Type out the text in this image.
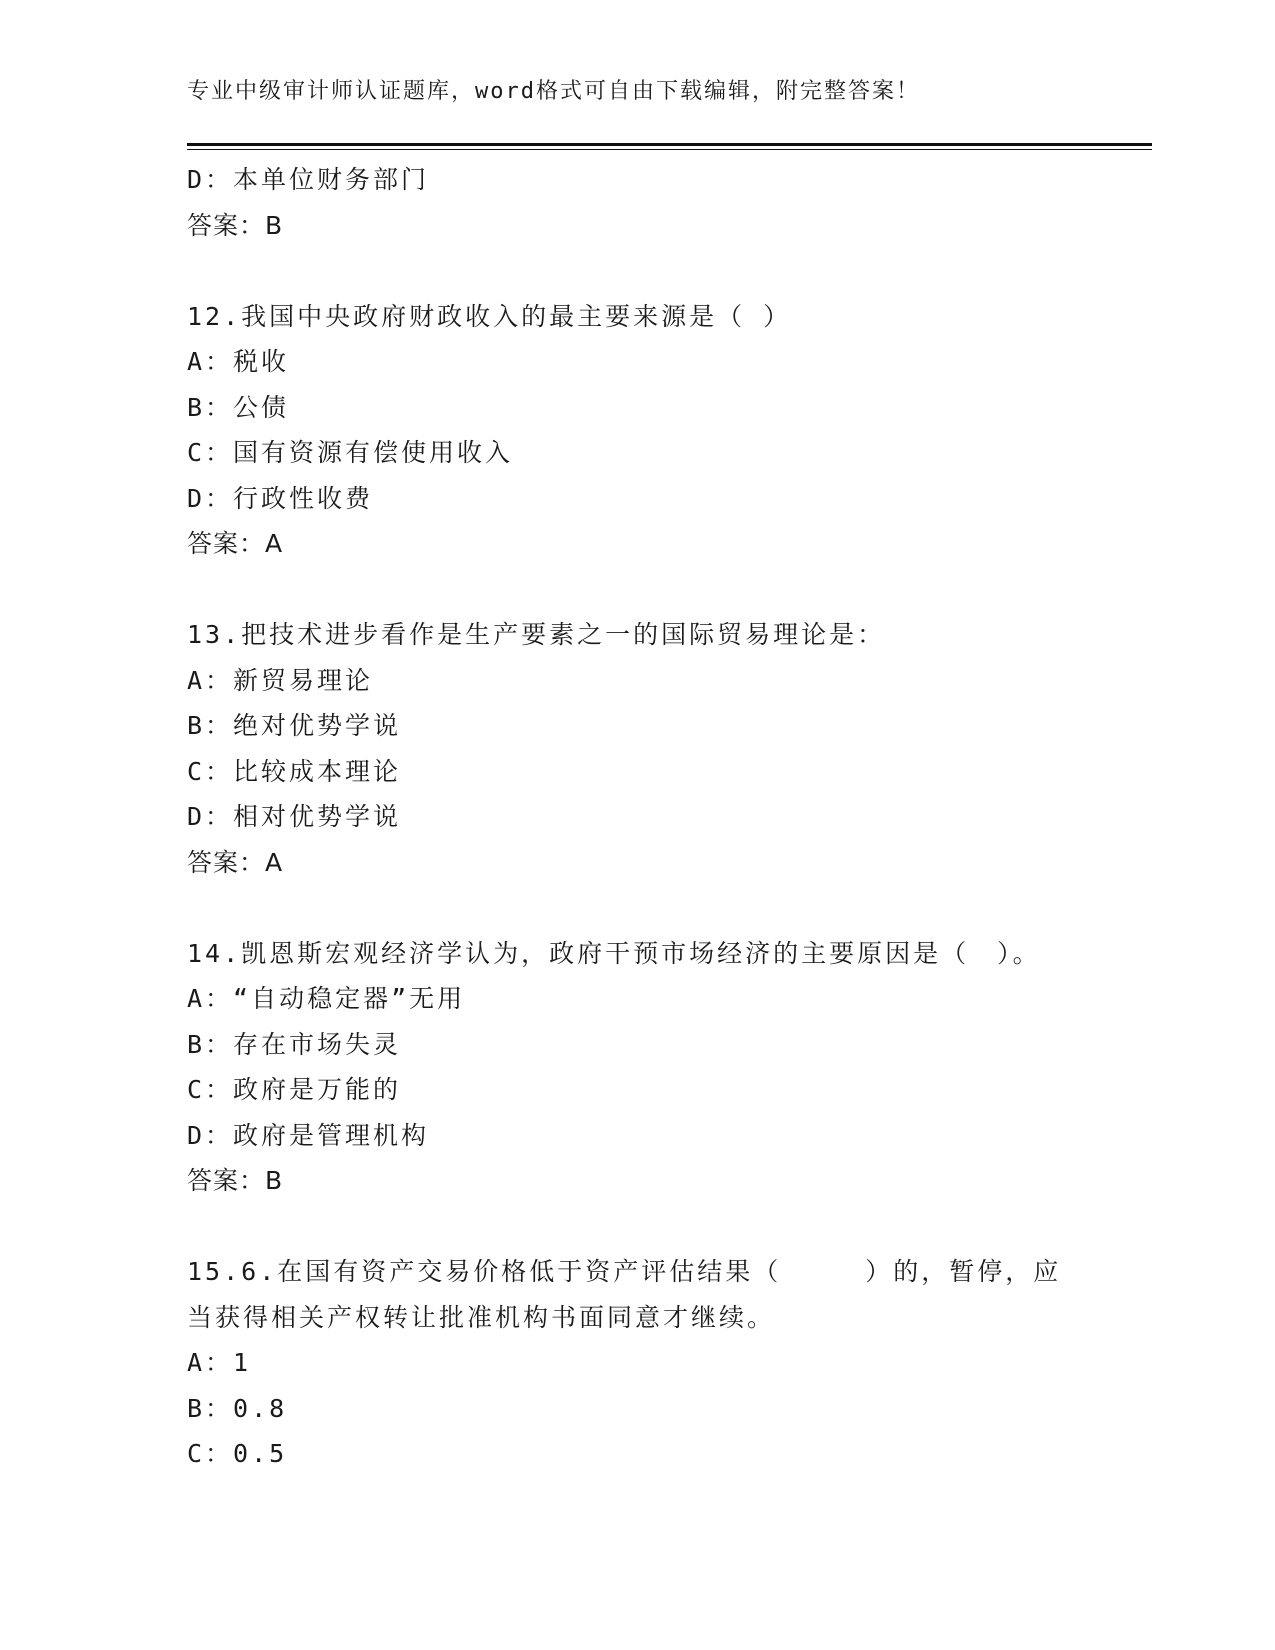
专业中级审计师认证题库，word格式可自由下载编辑，附完整答案！
D：本单位财务部门
答案：B
12.我国中央政府财政收入的最主要来源是（ ）
A：税收
B：公债
C：国有资源有偿使用收入
D：行政性收费
答案：A
13.把技术进步看作是生产要素之一的国际贸易理论是：
A：新贸易理论
B：绝对优势学说
C：比较成本理论
D：相对优势学说
答案：A
14.凯恩斯宏观经济学认为，政府干预市场经济的主要原因是（　）。
A：“自动稳定器”无用
B：存在市场失灵
C：政府是万能的
D：政府是管理机构
答案：B
15.6.在国有资产交易价格低于资产评估结果（　　　）的，暂停，应
当获得相关产权转让批准机构书面同意才继续。
A：1
B：0.8
C：0.5
